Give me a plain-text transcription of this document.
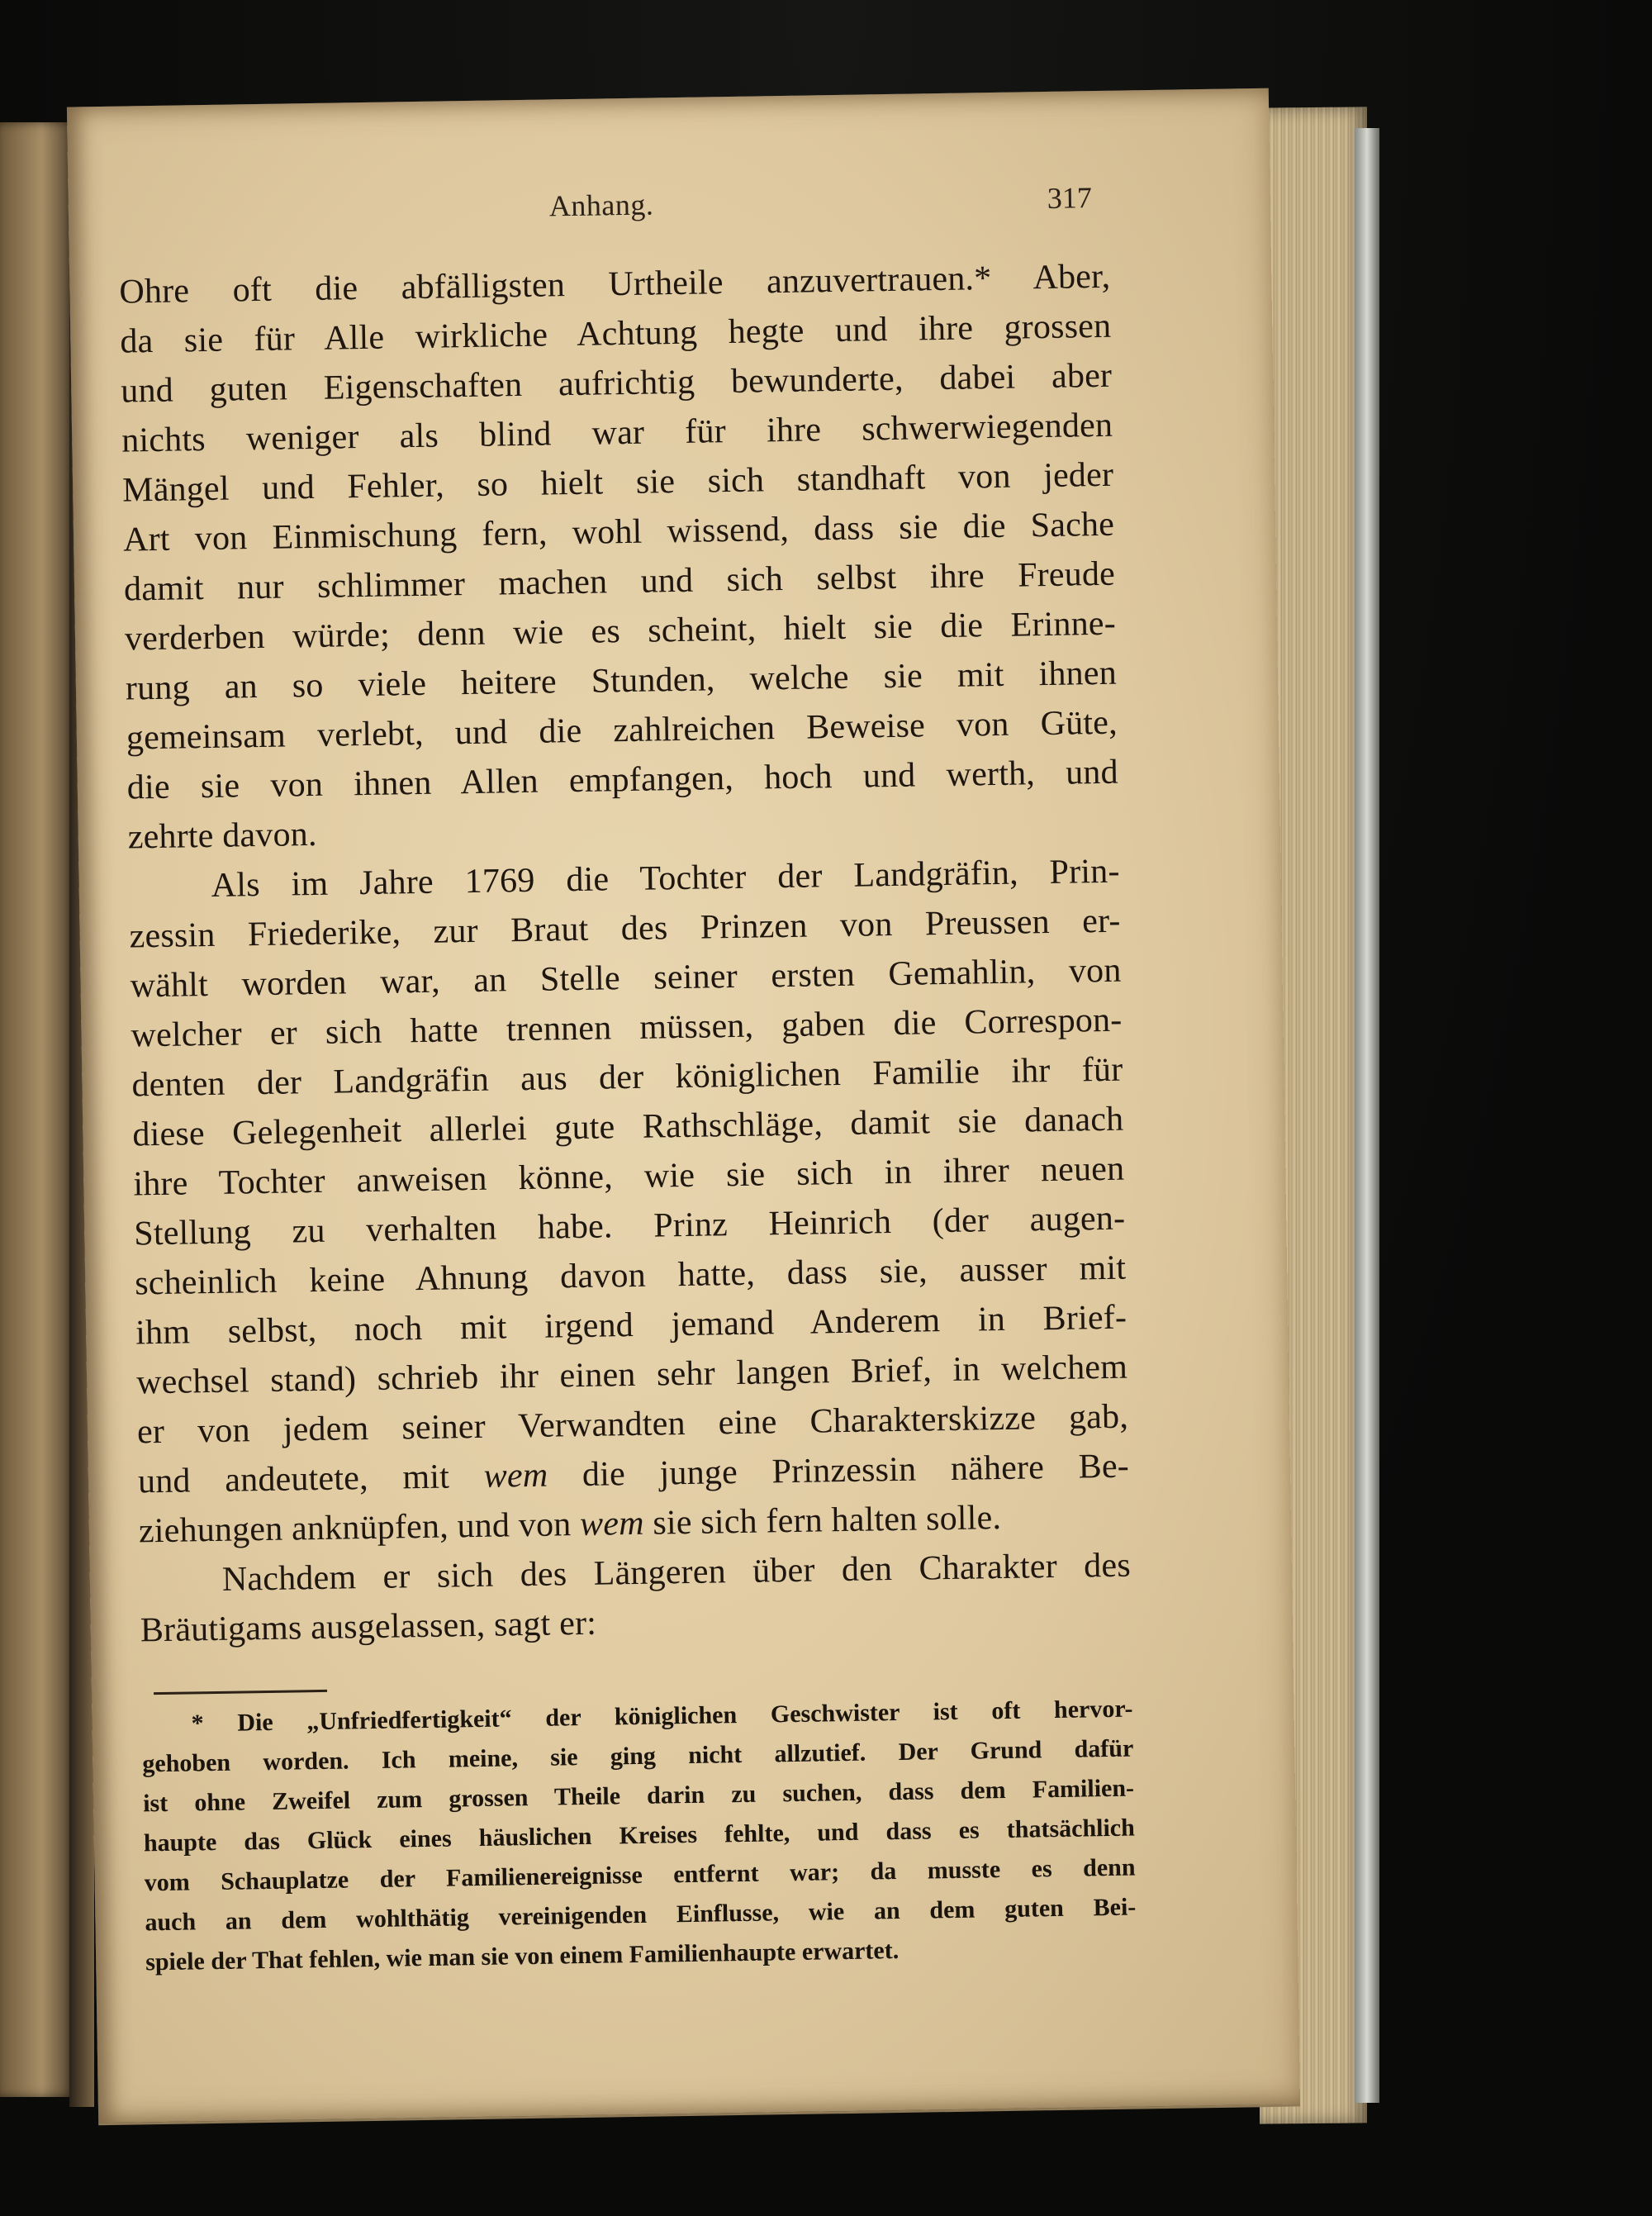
Anhang.	317
Ohre oft die abfälligsten Urtheile anzuvertrauen.* Aber,
da sie für Alle wirkliche Achtung hegte und ihre grossen
und guten Eigenschaften aufrichtig bewunderte, dabei aber
nichts weniger als blind war für ihre schwerwiegenden
Mängel und Fehler, so hielt sie sich standhaft von jeder
Art von Einmischung fern, wohl wissend, dass sie die Sache
damit nur schlimmer machen und sich selbst ihre Freude
verderben würde; denn wie es scheint, hielt sie die Erinne-
rung an so viele heitere Stunden, welche sie mit ihnen
gemeinsam verlebt, und die zahlreichen Beweise von Güte,
die sie von ihnen Allen empfangen, hoch und werth, und
zehrte davon.
Als im Jahre 1769 die Tochter der Landgräfin, Prin-
zessin Friederike, zur Braut des Prinzen von Preussen er-
wählt worden war, an Stelle seiner ersten Gemahlin, von
welcher er sich hatte trennen müssen, gaben die Correspon-
denten der Landgräfin aus der königlichen Familie ihr für
diese Gelegenheit allerlei gute Rathschläge, damit sie danach
ihre Tochter anweisen könne, wie sie sich in ihrer neuen
Stellung zu verhalten habe. Prinz Heinrich (der augen-
scheinlich keine Ahnung davon hatte, dass sie, ausser mit
ihm selbst, noch mit irgend jemand Anderem in Brief-
wechsel stand) schrieb ihr einen sehr langen Brief, in welchem
er von jedem seiner Verwandten eine Charakterskizze gab,
und andeutete, mit wem die junge Prinzessin nähere Be-
ziehungen anknüpfen, und von wem sie sich fern halten solle.
Nachdem er sich des Längeren über den Charakter des
Bräutigams ausgelassen, sagt er:
* Die „Unfriedfertigkeit“ der königlichen Geschwister ist oft hervor-
gehoben worden. Ich meine, sie ging nicht allzutief. Der Grund dafür
ist ohne Zweifel zum grossen Theile darin zu suchen, dass dem Familien-
haupte das Glück eines häuslichen Kreises fehlte, und dass es thatsächlich
vom Schauplatze der Familienereignisse entfernt war; da musste es denn
auch an dem wohlthätig vereinigenden Einflusse, wie an dem guten Bei-
spiele der That fehlen, wie man sie von einem Familienhaupte erwartet.
